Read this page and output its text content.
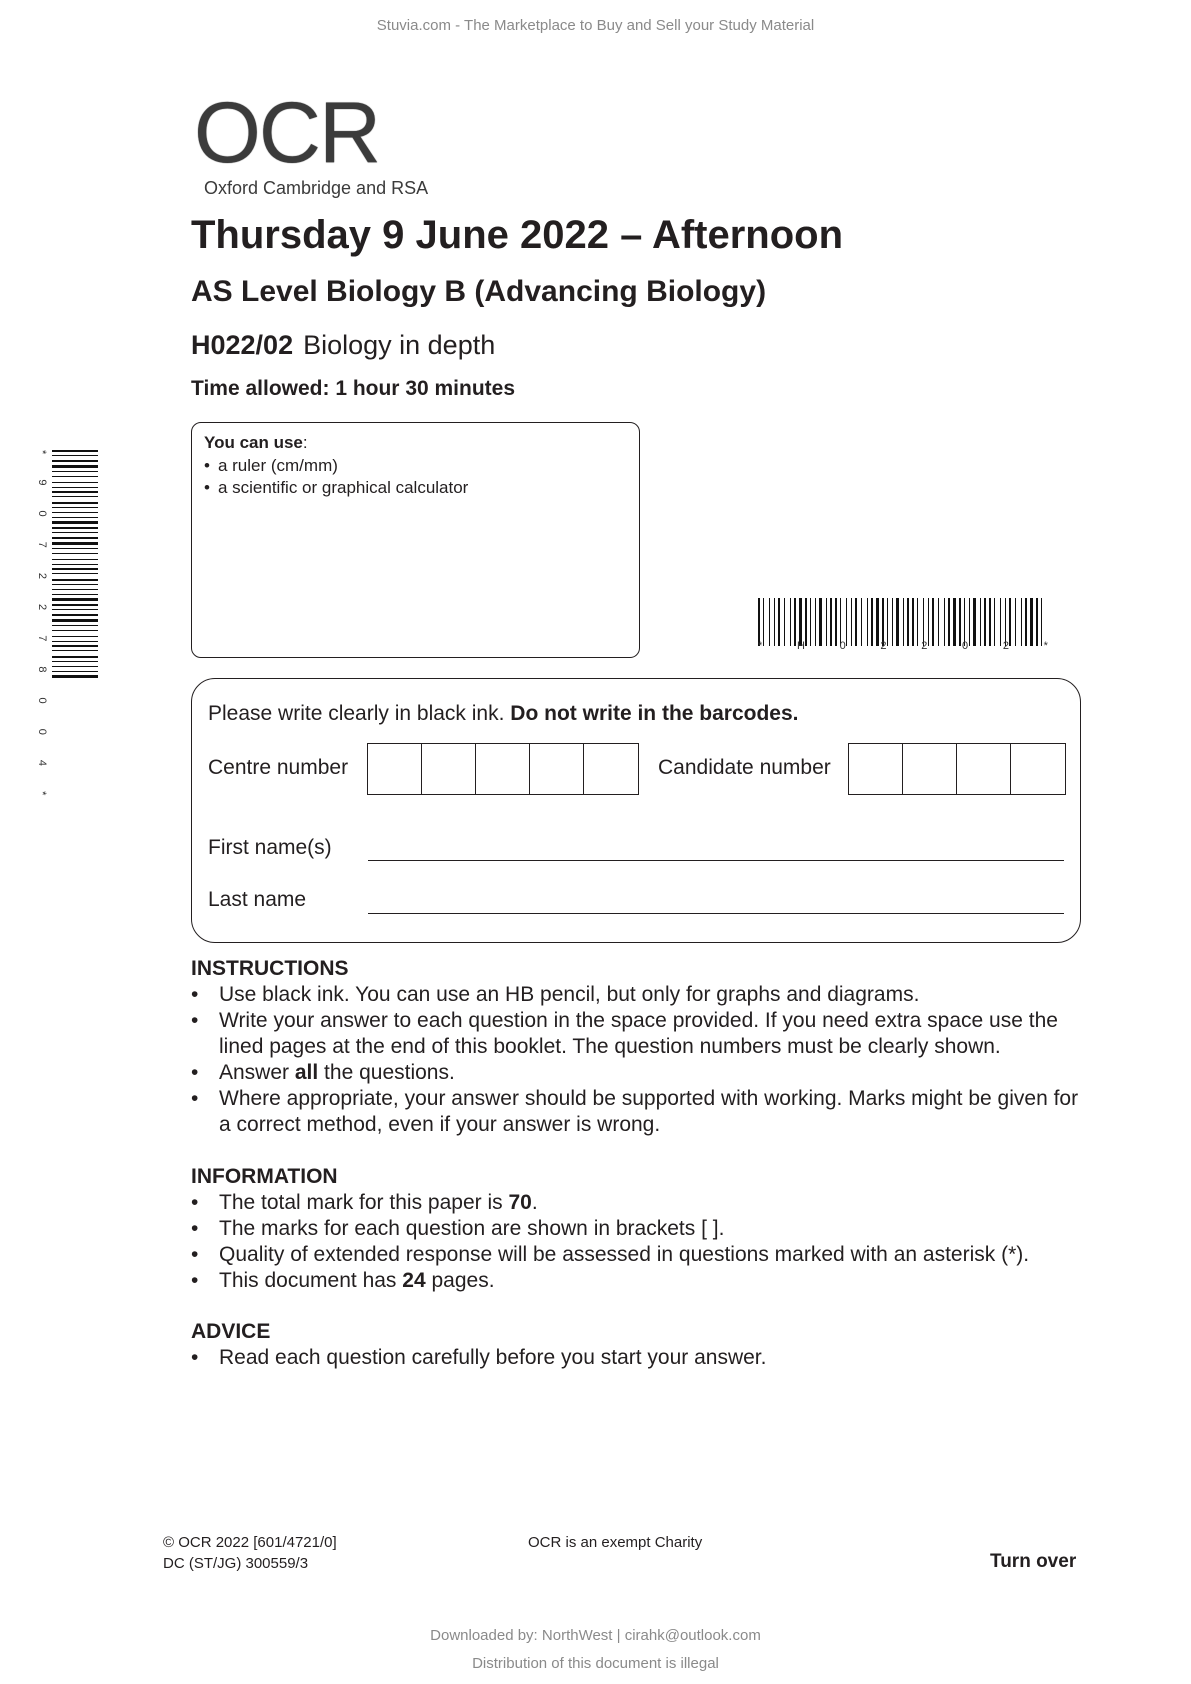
Stuvia.com - The Marketplace to Buy and Sell your Study Material
OCR
Oxford Cambridge and RSA
Thursday 9 June 2022 – Afternoon
AS Level Biology B (Advancing Biology)
H022/02 Biology in depth
Time allowed: 1 hour 30 minutes
You can use:
• a ruler (cm/mm)
• a scientific or graphical calculator
* 9 0 7 2 2 7 8 0 0 4 *	*	H	0	2	2	0	2	*
Please write clearly in black ink. Do not write in the barcodes.
Centre number	Candidate number
First name(s)
Last name
INSTRUCTIONS
• Use black ink. You can use an HB pencil, but only for graphs and diagrams.
• Write your answer to each question in the space provided. If you need extra space use the lined pages at the end of this booklet. The question numbers must be clearly shown.
• Answer all the questions.
• Where appropriate, your answer should be supported with working. Marks might be given for a correct method, even if your answer is wrong.
INFORMATION
• The total mark for this paper is 70.
• The marks for each question are shown in brackets [ ].
• Quality of extended response will be assessed in questions marked with an asterisk (*).
• This document has 24 pages.
ADVICE
• Read each question carefully before you start your answer.
© OCR 2022 [601/4721/0]
DC (ST/JG) 300559/3
OCR is an exempt Charity
Turn over
Downloaded by: NorthWest | cirahk@outlook.com
Distribution of this document is illegal
